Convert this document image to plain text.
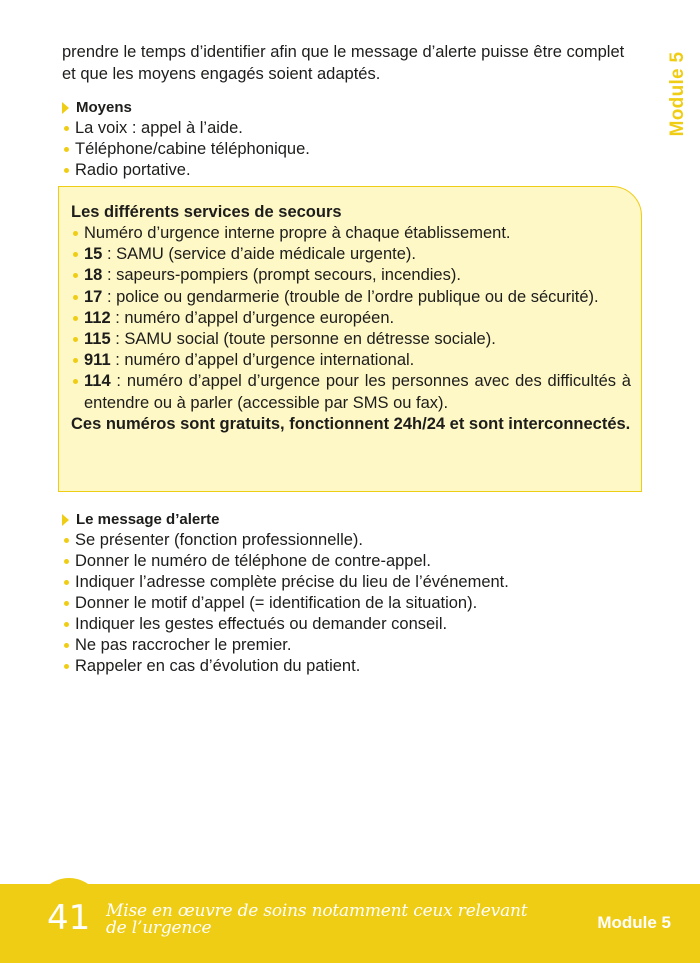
Module 5

prendre le temps d’identifier afin que le message d’alerte puisse être complet et que les moyens engagés soient adaptés.

Moyens

La voix : appel à l’aide.
Téléphone/cabine téléphonique.
Radio portative.

Les différents services de secours

Numéro d’urgence interne propre à chaque établissement.
15 : SAMU (service d’aide médicale urgente).
18 : sapeurs-pompiers (prompt secours, incendies).
17 : police ou gendarmerie (trouble de l’ordre publique ou de sécurité).
112 : numéro d’appel d’urgence européen.
115 : SAMU social (toute personne en détresse sociale).
911 : numéro d’appel d’urgence international.
114 : numéro d’appel d’urgence pour les personnes avec des difficultés à entendre ou à parler (accessible par SMS ou fax).

Ces numéros sont gratuits, fonctionnent 24h/24 et sont interconnectés.

Le message d’alerte

Se présenter (fonction professionnelle).
Donner le numéro de téléphone de contre-appel.
Indiquer l’adresse complète précise du lieu de l’événement.
Donner le motif d’appel (= identification de la situation).
Indiquer les gestes effectués ou demander conseil.
Ne pas raccrocher le premier.
Rappeler en cas d’évolution du patient.
41 Mise en œuvre de soins notamment ceux relevant de l’urgence	Module 5
